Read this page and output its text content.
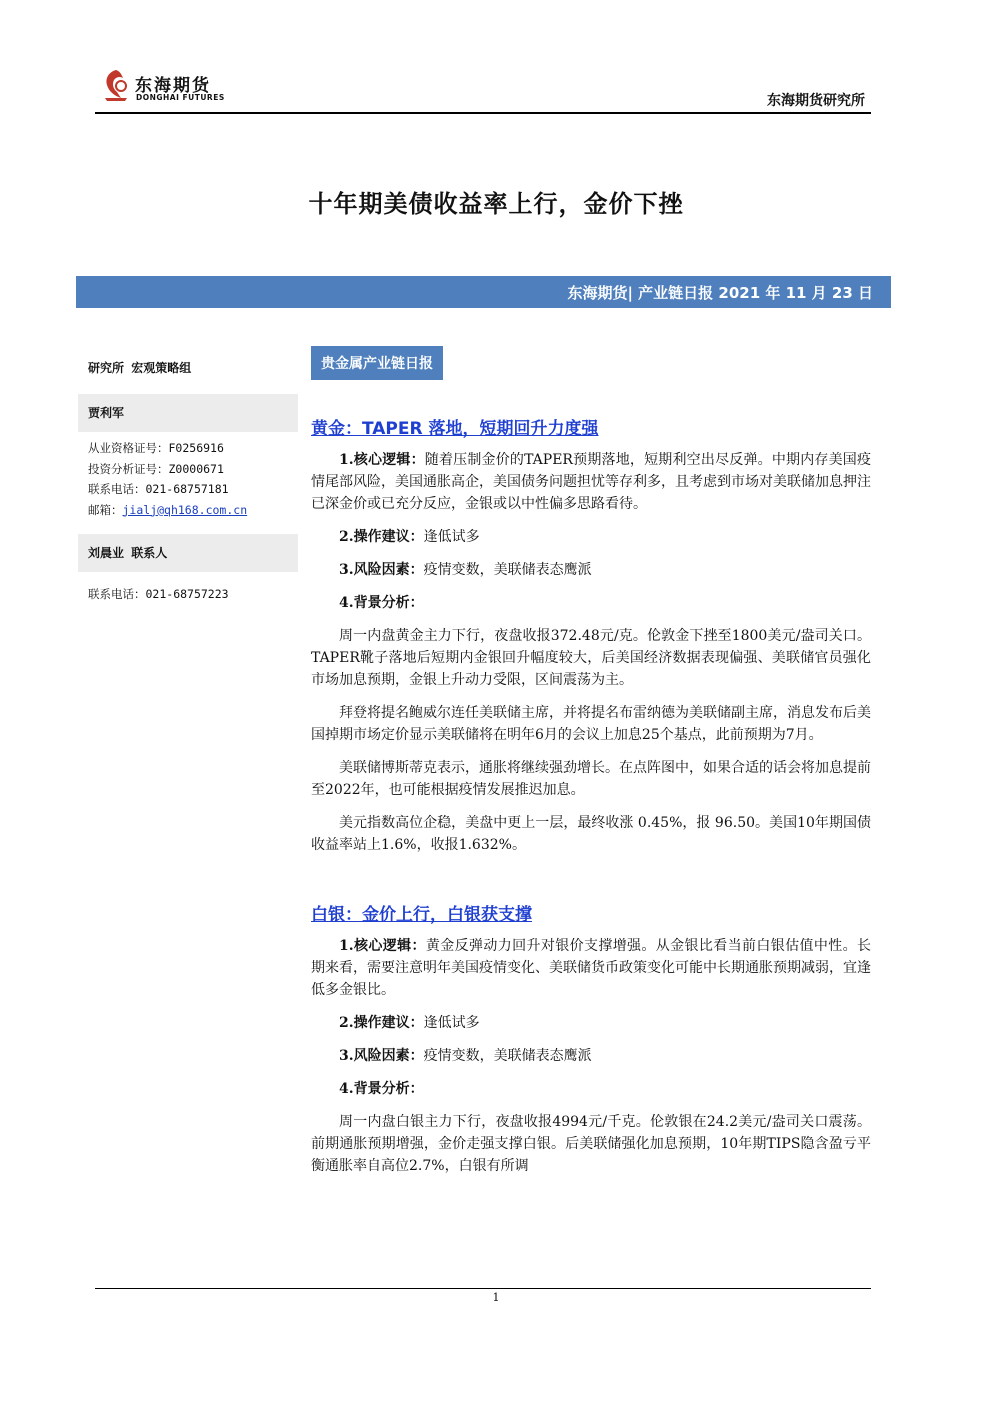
东海期货
DONGHAI FUTURES	东海期货研究所
十年期美债收益率上行，金价下挫
东海期货| 产业链日报 2021 年 11 月 23 日
研究所 宏观策略组
贾利军
从业资格证号：F0256916
投资分析证号：Z0000671
联系电话：021-68757181
邮箱：jialj@qh168.com.cn
刘晨业 联系人
联系电话：021-68757223
贵金属产业链日报
黄金：TAPER 落地，短期回升力度强

1.核心逻辑：随着压制金价的TAPER预期落地，短期利空出尽反弹。中期内存美国疫情尾部风险，美国通胀高企，美国债务问题担忧等存利多，且考虑到市场对美联储加息押注已深金价或已充分反应，金银或以中性偏多思路看待。

2.操作建议：逢低试多

3.风险因素：疫情变数，美联储表态鹰派

4.背景分析：

周一内盘黄金主力下行，夜盘收报372.48元/克。伦敦金下挫至1800美元/盎司关口。TAPER靴子落地后短期内金银回升幅度较大，后美国经济数据表现偏强、美联储官员强化市场加息预期，金银上升动力受限，区间震荡为主。

拜登将提名鲍威尔连任美联储主席，并将提名布雷纳德为美联储副主席，消息发布后美国掉期市场定价显示美联储将在明年6月的会议上加息25个基点，此前预期为7月。

美联储博斯蒂克表示，通胀将继续强劲增长。在点阵图中，如果合适的话会将加息提前至2022年，也可能根据疫情发展推迟加息。

美元指数高位企稳，美盘中更上一层，最终收涨 0.45%，报 96.50。美国10年期国债收益率站上1.6%，收报1.632%。

白银：金价上行，白银获支撑

1.核心逻辑：黄金反弹动力回升对银价支撑增强。从金银比看当前白银估值中性。长期来看，需要注意明年美国疫情变化、美联储货币政策变化可能中长期通胀预期减弱，宜逢低多金银比。

2.操作建议：逢低试多

3.风险因素：疫情变数，美联储表态鹰派

4.背景分析：

周一内盘白银主力下行，夜盘收报4994元/千克。伦敦银在24.2美元/盎司关口震荡。前期通胀预期增强，金价走强支撑白银。后美联储强化加息预期，10年期TIPS隐含盈亏平衡通胀率自高位2.7%，白银有所调

1
